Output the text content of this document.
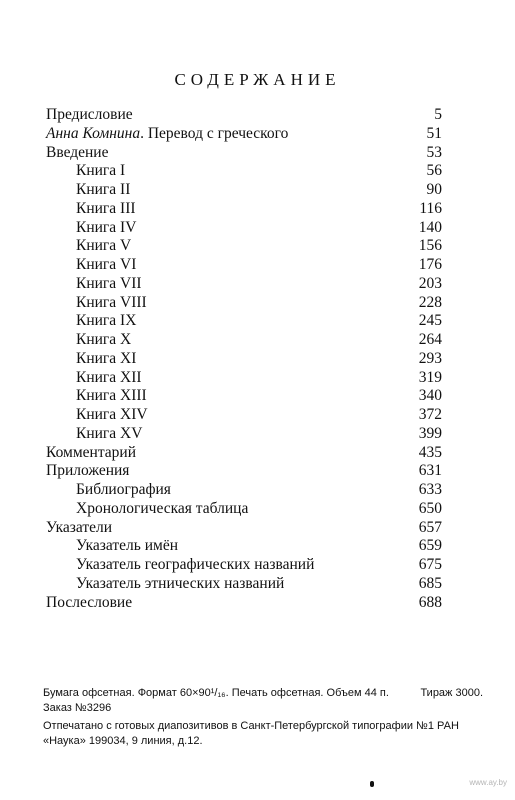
СОДЕРЖАНИЕ
Предисловие	5
Анна Комнина. Перевод с греческого	51
Введение	53
Книга I	56
Книга II	90
Книга III	116
Книга IV	140
Книга V	156
Книга VI	176
Книга VII	203
Книга VIII	228
Книга IX	245
Книга X	264
Книга XI	293
Книга XII	319
Книга XIII	340
Книга XIV	372
Книга XV	399
Комментарий	435
Приложения	631
Библиография	633
Хронологическая таблица	650
Указатели	657
Указатель имён	659
Указатель географических названий	675
Указатель этнических названий	685
Послесловие	688
Бумага офсетная. Формат 60×90¹/₁₆. Печать офсетная. Объем 44 п.	Тираж 3000.
Заказ №3296
Отпечатано с готовых диапозитивов в Санкт-Петербургской типографии №1 РАН
«Наука» 199034, 9 линия, д.12.
www.ay.by
